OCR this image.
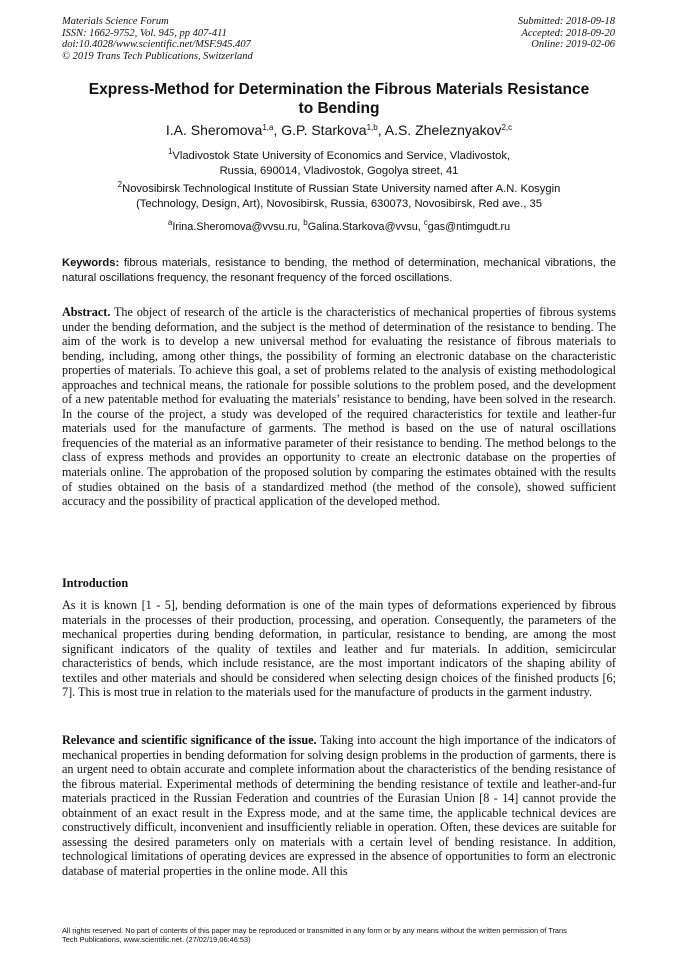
Materials Science Forum
ISSN: 1662-9752, Vol. 945, pp 407-411
doi:10.4028/www.scientific.net/MSF.945.407
© 2019 Trans Tech Publications, Switzerland
Submitted: 2018-09-18
Accepted: 2018-09-20
Online: 2019-02-06
Express-Method for Determination the Fibrous Materials Resistance
to Bending
I.A. Sheromova$^{1,a}$, G.P. Starkova$^{1,b}$, A.S. Zheleznyakov$^{2,c}$
$^1$Vladivostok State University of Economics and Service, Vladivostok,
Russia, 690014, Vladivostok, Gogolya street, 41
$^2$Novosibirsk Technological Institute of Russian State University named after A.N. Kosygin
(Technology, Design, Art), Novosibirsk, Russia, 630073, Novosibirsk, Red ave., 35
$^a$Irina.Sheromova@vvsu.ru, $^b$Galina.Starkova@vvsu, $^c$gas@ntimgudt.ru
Keywords: fibrous materials, resistance to bending, the method of determination, mechanical vibrations, the natural oscillations frequency, the resonant frequency of the forced oscillations.
Abstract. The object of research of the article is the characteristics of mechanical properties of fibrous systems under the bending deformation, and the subject is the method of determination of the resistance to bending. The aim of the work is to develop a new universal method for evaluating the resistance of fibrous materials to bending, including, among other things, the possibility of forming an electronic database on the characteristic properties of materials. To achieve this goal, a set of problems related to the analysis of existing methodological approaches and technical means, the rationale for possible solutions to the problem posed, and the development of a new patentable method for evaluating the materials’ resistance to bending, have been solved in the research. In the course of the project, a study was developed of the required characteristics for textile and leather-fur materials used for the manufacture of garments. The method is based on the use of natural oscillations frequencies of the material as an informative parameter of their resistance to bending. The method belongs to the class of express methods and provides an opportunity to create an electronic database on the properties of materials online. The approbation of the proposed solution by comparing the estimates obtained with the results of studies obtained on the basis of a standardized method (the method of the console), showed sufficient accuracy and the possibility of practical application of the developed method.
Introduction
As it is known [1 - 5], bending deformation is one of the main types of deformations experienced by fibrous materials in the processes of their production, processing, and operation. Consequently, the parameters of the mechanical properties during bending deformation, in particular, resistance to bending, are among the most significant indicators of the quality of textiles and leather and fur materials. In addition, semicircular characteristics of bends, which include resistance, are the most important indicators of the shaping ability of textiles and other materials and should be considered when selecting design choices of the finished products [6; 7]. This is most true in relation to the materials used for the manufacture of products in the garment industry.
Relevance and scientific significance of the issue. Taking into account the high importance of the indicators of mechanical properties in bending deformation for solving design problems in the production of garments, there is an urgent need to obtain accurate and complete information about the characteristics of the bending resistance of the fibrous material. Experimental methods of determining the bending resistance of textile and leather-and-fur materials practiced in the Russian Federation and countries of the Eurasian Union [8 - 14] cannot provide the obtainment of an exact result in the Express mode, and at the same time, the applicable technical devices are constructively difficult, inconvenient and insufficiently reliable in operation. Often, these devices are suitable for assessing the desired parameters only on materials with a certain level of bending resistance. In addition, technological limitations of operating devices are expressed in the absence of opportunities to form an electronic database of material properties in the online mode. All this
All rights reserved. No part of contents of this paper may be reproduced or transmitted in any form or by any means without the written permission of Trans
Tech Publications, www.scientific.net. (27/02/19,06:46:53)
